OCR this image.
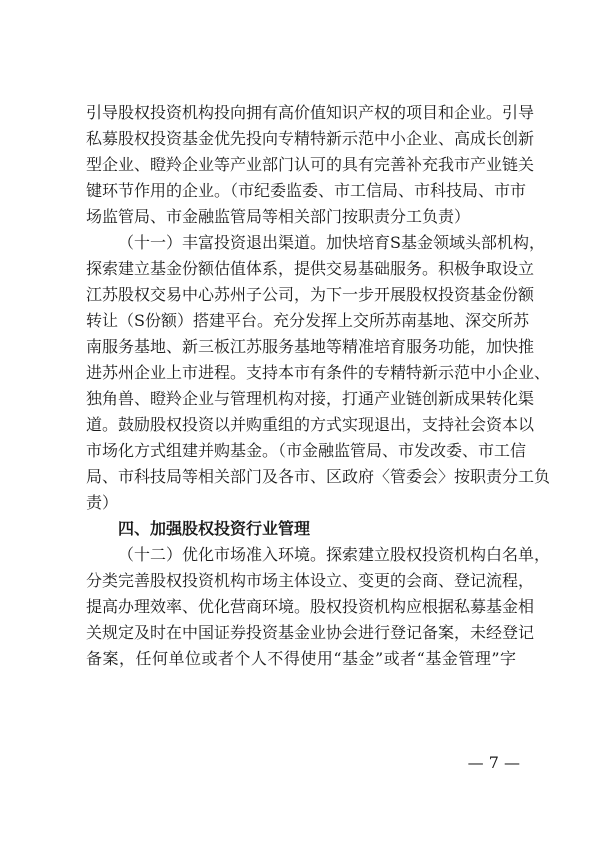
引导股权投资机构投向拥有高价值知识产权的项目和企业。引导
私募股权投资基金优先投向专精特新示范中小企业、高成长创新
型企业、瞪羚企业等产业部门认可的具有完善补充我市产业链关
键环节作用的企业。（市纪委监委、市工信局、市科技局、市市
场监管局、市金融监管局等相关部门按职责分工负责）
（十一）丰富投资退出渠道。加快培育S基金领域头部机构，
探索建立基金份额估值体系，提供交易基础服务。积极争取设立
江苏股权交易中心苏州子公司，为下一步开展股权投资基金份额
转让（S份额）搭建平台。充分发挥上交所苏南基地、深交所苏
南服务基地、新三板江苏服务基地等精准培育服务功能，加快推
进苏州企业上市进程。支持本市有条件的专精特新示范中小企业、
独角兽、瞪羚企业与管理机构对接，打通产业链创新成果转化渠
道。鼓励股权投资以并购重组的方式实现退出，支持社会资本以
市场化方式组建并购基金。（市金融监管局、市发改委、市工信
局、市科技局等相关部门及各市、区政府〈管委会〉按职责分工负
责）
四、加强股权投资行业管理
（十二）优化市场准入环境。探索建立股权投资机构白名单，
分类完善股权投资机构市场主体设立、变更的会商、登记流程，
提高办理效率、优化营商环境。股权投资机构应根据私募基金相
关规定及时在中国证券投资基金业协会进行登记备案，未经登记
备案，任何单位或者个人不得使用“基金”或者“基金管理”字
— 7 —
